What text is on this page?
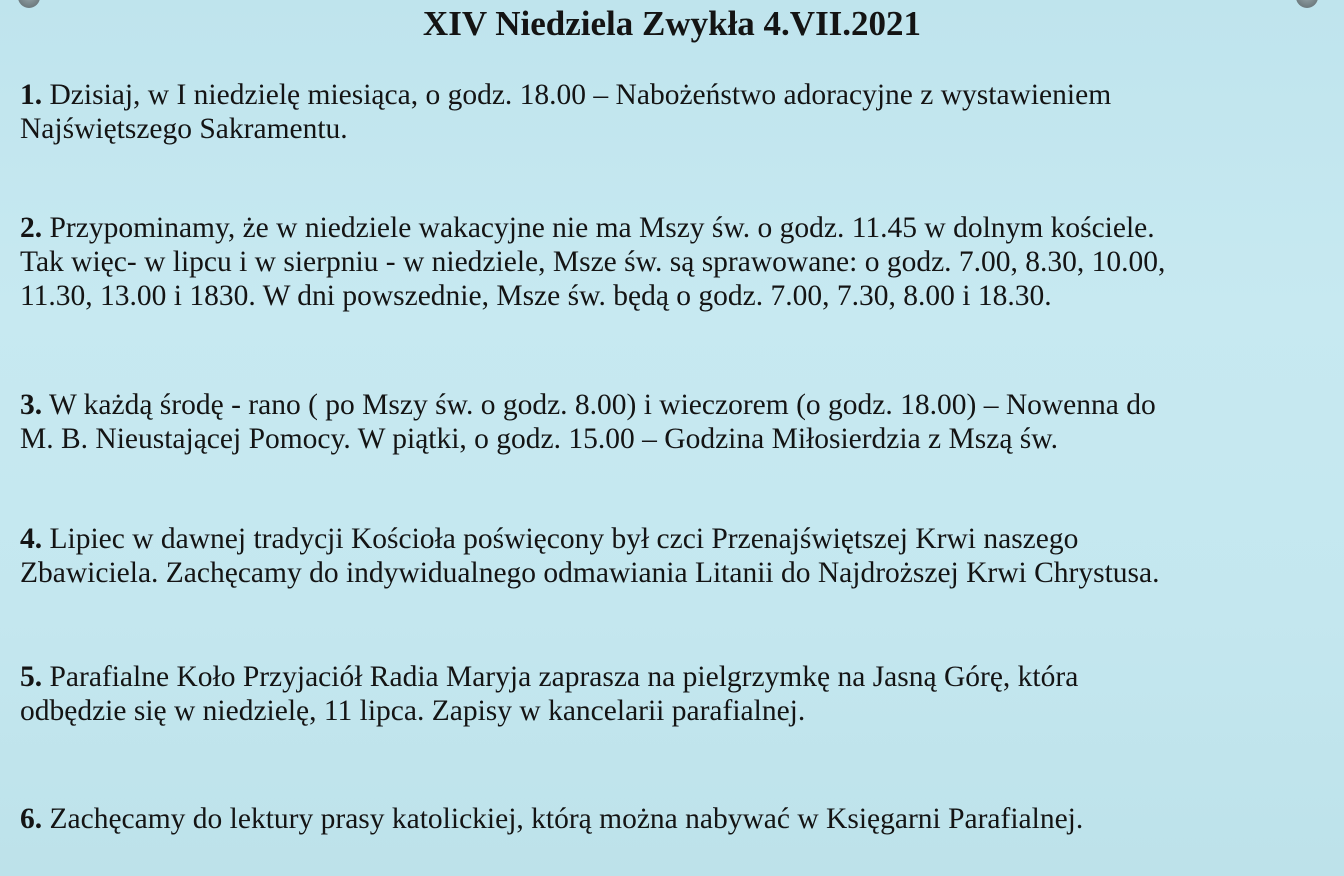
XIV Niedziela Zwykła 4.VII.2021

1. Dzisiaj, w I niedzielę miesiąca, o godz. 18.00 – Nabożeństwo adoracyjne z wystawieniem
Najświętszego Sakramentu.

2. Przypominamy, że w niedziele wakacyjne nie ma Mszy św. o godz. 11.45 w dolnym kościele.
Tak więc- w lipcu i w sierpniu - w niedziele, Msze św. są sprawowane: o godz. 7.00, 8.30, 10.00,
11.30, 13.00 i 1830. W dni powszednie, Msze św. będą o godz. 7.00, 7.30, 8.00 i 18.30.

3. W każdą środę - rano ( po Mszy św. o godz. 8.00) i wieczorem (o godz. 18.00) – Nowenna do
M. B. Nieustającej Pomocy. W piątki, o godz. 15.00 – Godzina Miłosierdzia z Mszą św.

4. Lipiec w dawnej tradycji Kościoła poświęcony był czci Przenajświętszej Krwi naszego
Zbawiciela. Zachęcamy do indywidualnego odmawiania Litanii do Najdroższej Krwi Chrystusa.

5. Parafialne Koło Przyjaciół Radia Maryja zaprasza na pielgrzymkę na Jasną Górę, która
odbędzie się w niedzielę, 11 lipca. Zapisy w kancelarii parafialnej.

6. Zachęcamy do lektury prasy katolickiej, którą można nabywać w Księgarni Parafialnej.
